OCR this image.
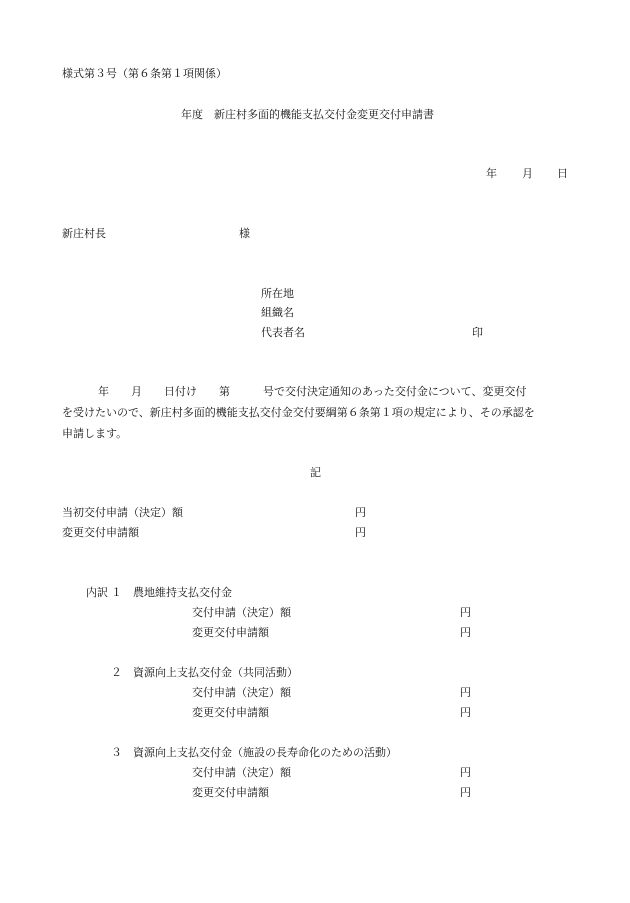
様式第３号（第６条第１項関係）
年度　新庄村多面的機能支払交付金変更交付申請書
年 月 日
新庄村長	様
所在地
組織名
代表者名	印
年　　月　　日付け　　第　　　号で交付決定通知のあった交付金について、変更交付
を受けたいので、新庄村多面的機能支払交付金交付要綱第６条第１項の規定により、その承認を
申請します。
記
当初交付申請（決定）額	円
変更交付申請額	円
内訳 １ 農地維持支払交付金
交付申請（決定）額	円
変更交付申請額	円
２ 資源向上支払交付金（共同活動）
交付申請（決定）額	円
変更交付申請額	円
３ 資源向上支払交付金（施設の長寿命化のための活動）
交付申請（決定）額	円
変更交付申請額	円
